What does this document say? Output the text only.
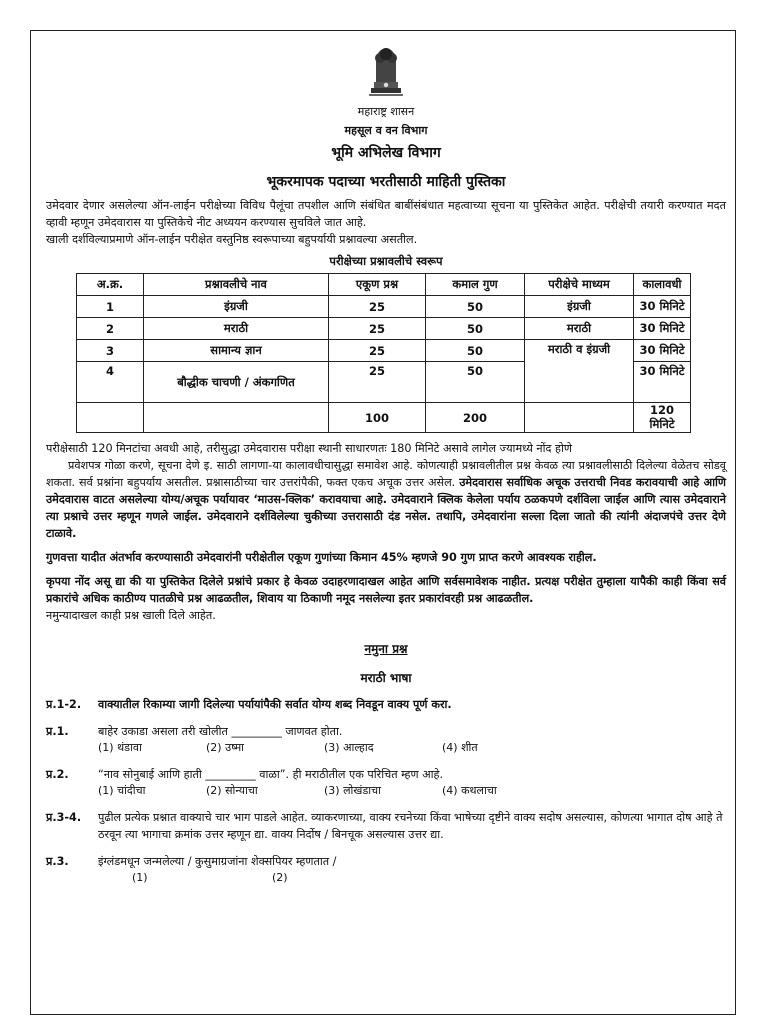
महाराष्ट्र शासन
महसूल व वन विभाग
भूमि अभिलेख विभाग
भूकरमापक पदाच्या भरतीसाठी माहिती पुस्तिका

उमेदवार देणार असलेल्या ऑन-लाईन परीक्षेच्या विविध पैलूंचा तपशील आणि संबंधित बाबींसंबंधात महत्वाच्या सूचना या पुस्तिकेत आहेत. परीक्षेची तयारी करण्यात मदत व्हावी म्हणून उमेदवारास या पुस्तिकेचे नीट अध्ययन करण्यास सुचविले जात आहे.

खाली दर्शविल्याप्रमाणे ऑन-लाईन परीक्षेत वस्तुनिष्ठ स्वरूपाच्या बहुपर्यायी प्रश्नावल्या असतील.

परीक्षेच्या प्रश्नावलीचे स्वरूप
अ.क्र.	प्रश्नावलीचे नाव	एकूण प्रश्न	कमाल गुण	परीक्षेचे माध्यम	कालावधी
1	इंग्रजी	25	50	इंग्रजी	30 मिनिटे
2	मराठी	25	50	मराठी	30 मिनिटे
3	सामान्य ज्ञान	25	50	मराठी व इंग्रजी	30 मिनिटे
4	बौद्धीक चाचणी / अंकगणित	25	50		30 मिनिटे
		100	200		120 मिनिटे

परीक्षेसाठी 120 मिनटांचा अवधी आहे, तरीसुद्धा उमेदवारास परीक्षा स्थानी साधारणतः 180 मिनिटे असावे लागेल ज्यामध्ये नोंद होणे
प्रवेशपत्र गोळा करणे, सूचना देणे इ. साठी लागणा-या कालावधीचासुद्धा समावेश आहे. कोणत्याही प्रश्नावलीतील प्रश्न केवळ त्या प्रश्नावलीसाठी दिलेल्या वेळेतच सोडवू शकता. सर्व प्रश्नांना बहुपर्याय असतील. प्रश्नासाठीच्या चार उत्तरांपैकी, फक्त एकच अचूक उत्तर असेल. उमेदवारास सर्वाधिक अचूक उत्तराची निवड करावयाची आहे आणि उमेदवारास वाटत असलेल्या योग्य/अचूक पर्यायावर ‘माउस-क्लिक’ करावयाचा आहे. उमेदवाराने क्लिक केलेला पर्याय ठळकपणे दर्शविला जाईल आणि त्यास उमेदवाराने त्या प्रश्नाचे उत्तर म्हणून गणले जाईल. उमेदवाराने दर्शविलेल्या चुकीच्या उत्तरासाठी दंड नसेल. तथापि, उमेदवारांना सल्ला दिला जातो की त्यांनी अंदाजपंचे उत्तर देणे टाळावे.

गुणवत्ता यादीत अंतर्भाव करण्यासाठी उमेदवारांनी परीक्षेतील एकूण गुणांच्या किमान 45% म्हणजे 90 गुण प्राप्त करणे आवश्यक राहील.

कृपया नोंद असू द्या की या पुस्तिकेत दिलेले प्रश्नांचे प्रकार हे केवळ उदाहरणादाखल आहेत आणि सर्वसमावेशक नाहीत. प्रत्यक्ष परीक्षेत तुम्हाला यापैकी काही किंवा सर्व प्रकारांचे अधिक काठीण्य पातळीचे प्रश्न आढळतील, शिवाय या ठिकाणी नमूद नसलेल्या इतर प्रकारांवरही प्रश्न आढळतील.

नमुन्यादाखल काही प्रश्न खाली दिले आहेत.

नमुना प्रश्न
मराठी भाषा
प्र.1-2.	वाक्यातील रिकाम्या जागी दिलेल्या पर्यायांपैकी सर्वात योग्य शब्द निवडून वाक्य पूर्ण करा.
प्र.1.	बाहेर उकाडा असला तरी खोलीत _________ जाणवत होता.
(1) थंडावा	(2) उष्मा	(3) आल्हाद	(4) शीत
प्र.2.	“नाव सोनुबाई आणि हाती _________ वाळा”. ही मराठीतील एक परिचित म्हण आहे.
(1) चांदीचा	(2) सोन्याचा	(3) लोखंडाचा	(4) कथलाचा
प्र.3-4.	पुढील प्रत्येक प्रश्नात वाक्याचे चार भाग पाडले आहेत. व्याकरणाच्या, वाक्य रचनेच्या किंवा भाषेच्या दृष्टीने वाक्य सदोष असल्यास, कोणत्या भागात दोष आहे ते ठरवून त्या भागाचा क्रमांक उत्तर म्हणून द्या. वाक्य निर्दोष / बिनचूक असल्यास उत्तर द्या.
प्र.3.	इंग्लंडमधून जन्मलेल्या / कुसुमाग्रजांना शेक्सपियर म्हणतात /
(1)	(2)
